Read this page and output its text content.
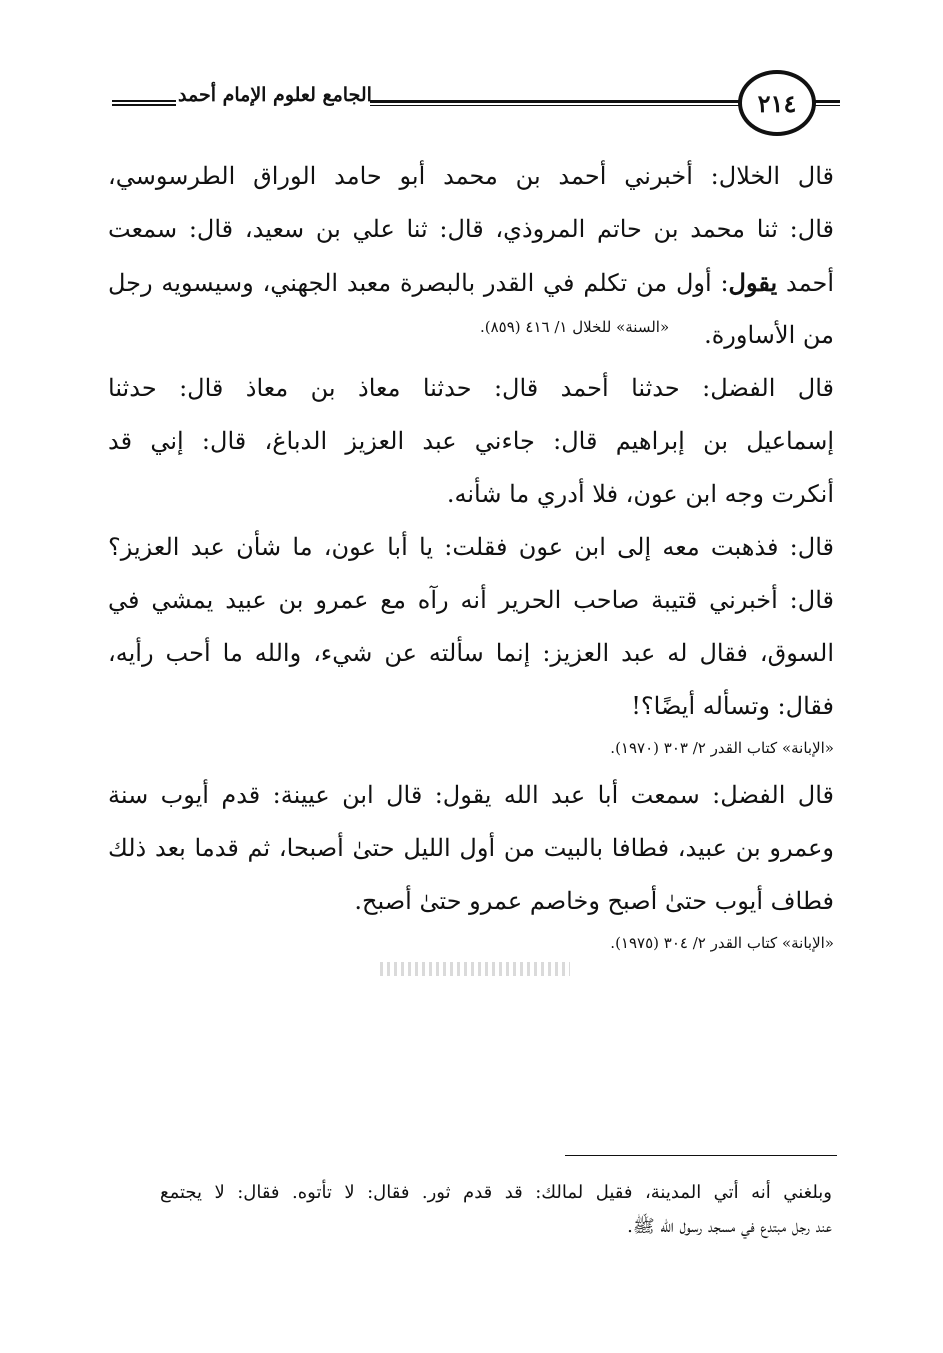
الجامع لعلوم الإمام أحمد	٢١٤
قال الخلال: أخبرني أحمد بن محمد أبو حامد الوراق الطرسوسي،
قال: ثنا محمد بن حاتم المروذي، قال: ثنا علي بن سعيد، قال: سمعت
أحمد يقول: أول من تكلم في القدر بالبصرة معبد الجهني، وسيسويه رجل
من الأساورة.
قال الفضل: حدثنا أحمد قال: حدثنا معاذ بن معاذ قال: حدثنا
إسماعيل بن إبراهيم قال: جاءني عبد العزيز الدباغ، قال: إني قد
أنكرت وجه ابن عون، فلا أدري ما شأنه.
قال: فذهبت معه إلى ابن عون فقلت: يا أبا عون، ما شأن عبد العزيز؟
قال: أخبرني قتيبة صاحب الحرير أنه رآه مع عمرو بن عبيد يمشي في
السوق، فقال له عبد العزيز: إنما سألته عن شيء، والله ما أحب رأيه،
فقال: وتسأله أيضًا؟!
«الإبانة» كتاب القدر ٢/ ٣٠٣ (١٩٧٠).
قال الفضل: سمعت أبا عبد الله يقول: قال ابن عيينة: قدم أيوب سنة
وعمرو بن عبيد، فطافا بالبيت من أول الليل حتىٰ أصبحا، ثم قدما بعد ذلك
فطاف أيوب حتىٰ أصبح وخاصم عمرو حتىٰ أصبح.
«الإبانة» كتاب القدر ٢/ ٣٠٤ (١٩٧٥).
«السنة» للخلال ١/ ٤١٦ (٨٥٩).
وبلغني أنه أتي المدينة، فقيل لمالك: قد قدم ثور. فقال: لا تأتوه. فقال: لا يجتمع
عند رجل مبتدع في مسجد رسول الله ﷺ.
